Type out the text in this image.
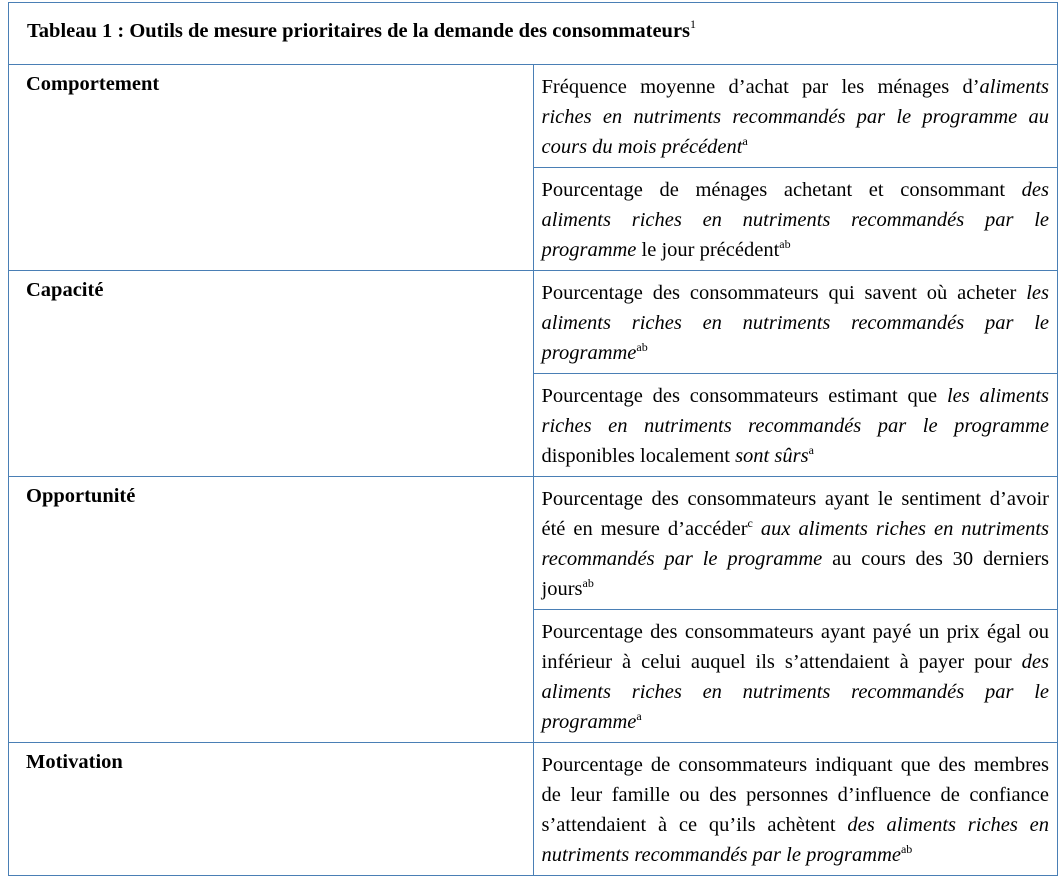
Tableau 1 : Outils de mesure prioritaires de la demande des consommateurs$^1$
Comportement	Fréquence moyenne d’achat par les ménages d’aliments riches en nutriments recommandés par le programme au cours du mois précédent$^a$
	Pourcentage de ménages achetant et consommant des aliments riches en nutriments recommandés par le programme le jour précédent$^{ab}$
Capacité	Pourcentage des consommateurs qui savent où acheter les aliments riches en nutriments recommandés par le programme$^{ab}$
	Pourcentage des consommateurs estimant que les aliments riches en nutriments recommandés par le programme disponibles localement sont sûrs$^a$
Opportunité	Pourcentage des consommateurs ayant le sentiment d’avoir été en mesure d’accéder$^c$ aux aliments riches en nutriments recommandés par le programme au cours des 30 derniers jours$^{ab}$
	Pourcentage des consommateurs ayant payé un prix égal ou inférieur à celui auquel ils s’attendaient à payer pour des aliments riches en nutriments recommandés par le programme$^a$
Motivation	Pourcentage de consommateurs indiquant que des membres de leur famille ou des personnes d’influence de confiance s’attendaient à ce qu’ils achètent des aliments riches en nutriments recommandés par le programme$^{ab}$
